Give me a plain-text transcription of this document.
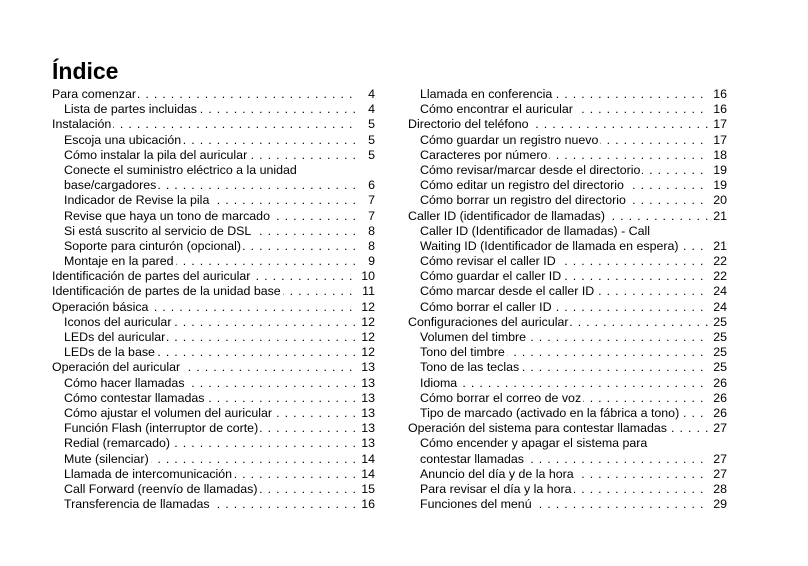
Índice
. . .
Para comenzar	4
. . .
Lista de partes incluidas	4
. . .
Instalación	5
. . .
Escoja una ubicación	5
. . .
Cómo instalar la pila del auricular	5
Conecte el suministro eléctrico a la unidad
. . .
base/cargadores	6
. . .
Indicador de Revise la pila	7
. . .
Revise que haya un tono de marcado	7
. . .
Si está suscrito al servicio de DSL	8
. . .
Soporte para cinturón (opcional)	8
. . .
Montaje en la pared	9
. . .
Identificación de partes del auricular	10
. . .
Identificación de partes de la unidad base	11
. . .
Operación básica	12
. . .
Iconos del auricular	12
. . .
LEDs del auricular	12
. . .
LEDs de la base	12
. . .
Operación del auricular	13
. . .
Cómo hacer llamadas	13
. . .
Cómo contestar llamadas	13
. . .
Cómo ajustar el volumen del auricular	13
. . .
Función Flash (interruptor de corte)	13
. . .
Redial (remarcado)	13
. . .
Mute (silenciar)	14
. . .
Llamada de intercomunicación	14
. . .
Call Forward (reenvío de llamadas)	15
. . .
Transferencia de llamadas	16
. . .
Llamada en conferencia	16
. . .
Cómo encontrar el auricular	16
. . .
Directorio del teléfono	17
. . .
Cómo guardar un registro nuevo	17
. . .
Caracteres por número	18
. . .
Cómo revisar/marcar desde el directorio	19
. . .
Cómo editar un registro del directorio	19
. . .
Cómo borrar un registro del directorio	20
. . .
Caller ID (identificador de llamadas)	21
Caller ID (Identificador de llamadas) - Call
. . .
Waiting ID (Identificador de llamada en espera)	21
. . .
Cómo revisar el caller ID	22
. . .
Cómo guardar el caller ID	22
. . .
Cómo marcar desde el caller ID	24
. . .
Cómo borrar el caller ID	24
. . .
Configuraciones del auricular	25
. . .
Volumen del timbre	25
. . .
Tono del timbre	25
. . .
Tono de las teclas	25
. . .
Idioma	26
. . .
Cómo borrar el correo de voz	26
. . .
Tipo de marcado (activado en la fábrica a tono)	26
. . .
Operación del sistema para contestar llamadas	27
Cómo encender y apagar el sistema para
. . .
contestar llamadas	27
. . .
Anuncio del día y de la hora	27
. . .
Para revisar el día y la hora	28
. . .
Funciones del menú	29
